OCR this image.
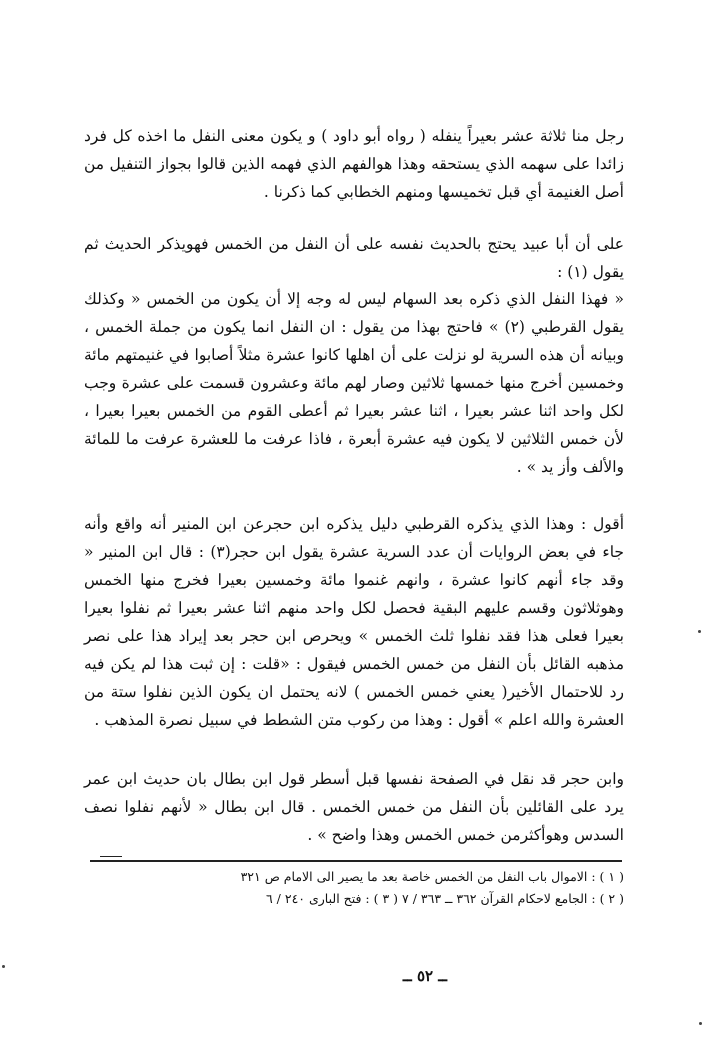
رجل منا ثلاثة عشر بعيراً ينفله ( رواه أبو داود ) و يكون معنى النفل ما اخذه كل فرد زائدا على سهمه الذي يستحقه وهذا هوالفهم الذي فهمه الذين قالوا بجواز التنفيل من أصل الغنيمة أي قبل تخميسها ومنهم الخطابي كما ذكرنا .

على أن أبا عبيد يحتج بالحديث نفسه على أن النفل من الخمس فهويذكر الحديث ثم يقول (١) :

« فهذا النفل الذي ذكره بعد السهام ليس له وجه إلا أن يكون من الخمس « وكذلك يقول القرطبي (٢) » فاحتج بهذا من يقول : ان النفل انما يكون من جملة الخمس ، وبيانه أن هذه السرية لو نزلت على أن اهلها كانوا عشرة مثلاً أصابوا في غنيمتهم مائة وخمسين أخرج منها خمسها ثلاثين وصار لهم مائة وعشرون قسمت على عشرة وجب لكل واحد اثنا عشر بعيرا ، اثنا عشر بعيرا ثم أعطى القوم من الخمس بعيرا بعيرا ، لأن خمس الثلاثين لا يكون فيه عشرة أبعرة ، فاذا عرفت ما للعشرة عرفت ما للمائة والألف وأز يد » .

أقول : وهذا الذي يذكره القرطبي دليل يذكره ابن حجرعن ابن المنير أنه واقع وأنه جاء في بعض الروايات أن عدد السرية عشرة يقول ابن حجر(٣) : قال ابن المنير « وقد جاء أنهم كانوا عشرة ، وانهم غنموا مائة وخمسين بعيرا فخرج منها الخمس وهوثلاثون وقسم عليهم البقية فحصل لكل واحد منهم اثنا عشر بعيرا ثم نفلوا بعيرا بعيرا فعلى هذا فقد نفلوا ثلث الخمس » ويحرص ابن حجر بعد إيراد هذا على نصر مذهبه القائل بأن النفل من خمس الخمس فيقول : «قلت : إن ثبت هذا لم يكن فيه رد للاحتمال الأخير( يعني خمس الخمس ) لانه يحتمل ان يكون الذين نفلوا ستة من العشرة والله اعلم » أقول : وهذا من ركوب متن الشطط في سبيل نصرة المذهب .

وابن حجر قد نقل في الصفحة نفسها قبل أسطر قول ابن بطال بان حديث ابن عمر يرد على القائلين بأن النفل من خمس الخمس . قال ابن بطال « لأنهم نفلوا نصف السدس وهوأكثرمن خمس الخمس وهذا واضح » .

( ١ ) : الاموال باب النفل من الخمس خاصة بعد ما يصير الى الامام ص ٣٢١
( ٢ ) : الجامع لاحكام القرآن ٣٦٢ ــ ٣٦٣ / ٧ ( ٣ ) : فتح البارى ٢٤٠ / ٦
ــ ٥٢ ــ
